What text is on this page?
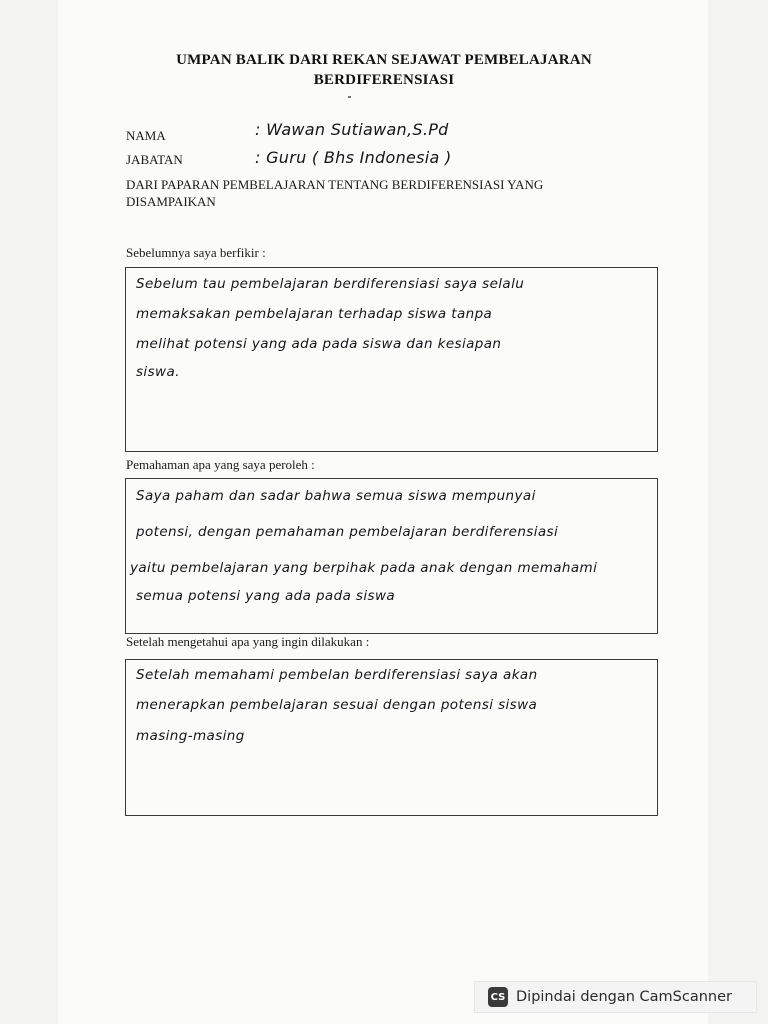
UMPAN BALIK DARI REKAN SEJAWAT PEMBELAJARAN
BERDIFERENSIASI
NAMA	: Wawan Sutiawan,S.Pd
JABATAN	: Guru ( Bhs Indonesia )
DARI PAPARAN PEMBELAJARAN TENTANG BERDIFERENSIASI YANG
DISAMPAIKAN
Sebelumnya saya berfikir :
Sebelum tau pembelajaran berdiferensiasi saya selalu
memaksakan pembelajaran terhadap siswa tanpa
melihat potensi yang ada pada siswa dan kesiapan
siswa.
Pemahaman apa yang saya peroleh :
Saya paham dan sadar bahwa semua siswa mempunyai
potensi, dengan pemahaman pembelajaran berdiferensiasi
yaitu pembelajaran yang berpihak pada anak dengan memahami
semua potensi yang ada pada siswa
Setelah mengetahui apa yang ingin dilakukan :
Setelah memahami pembelan berdiferensiasi saya akan
menerapkan pembelajaran sesuai dengan potensi siswa
masing-masing
CS Dipindai dengan CamScanner
